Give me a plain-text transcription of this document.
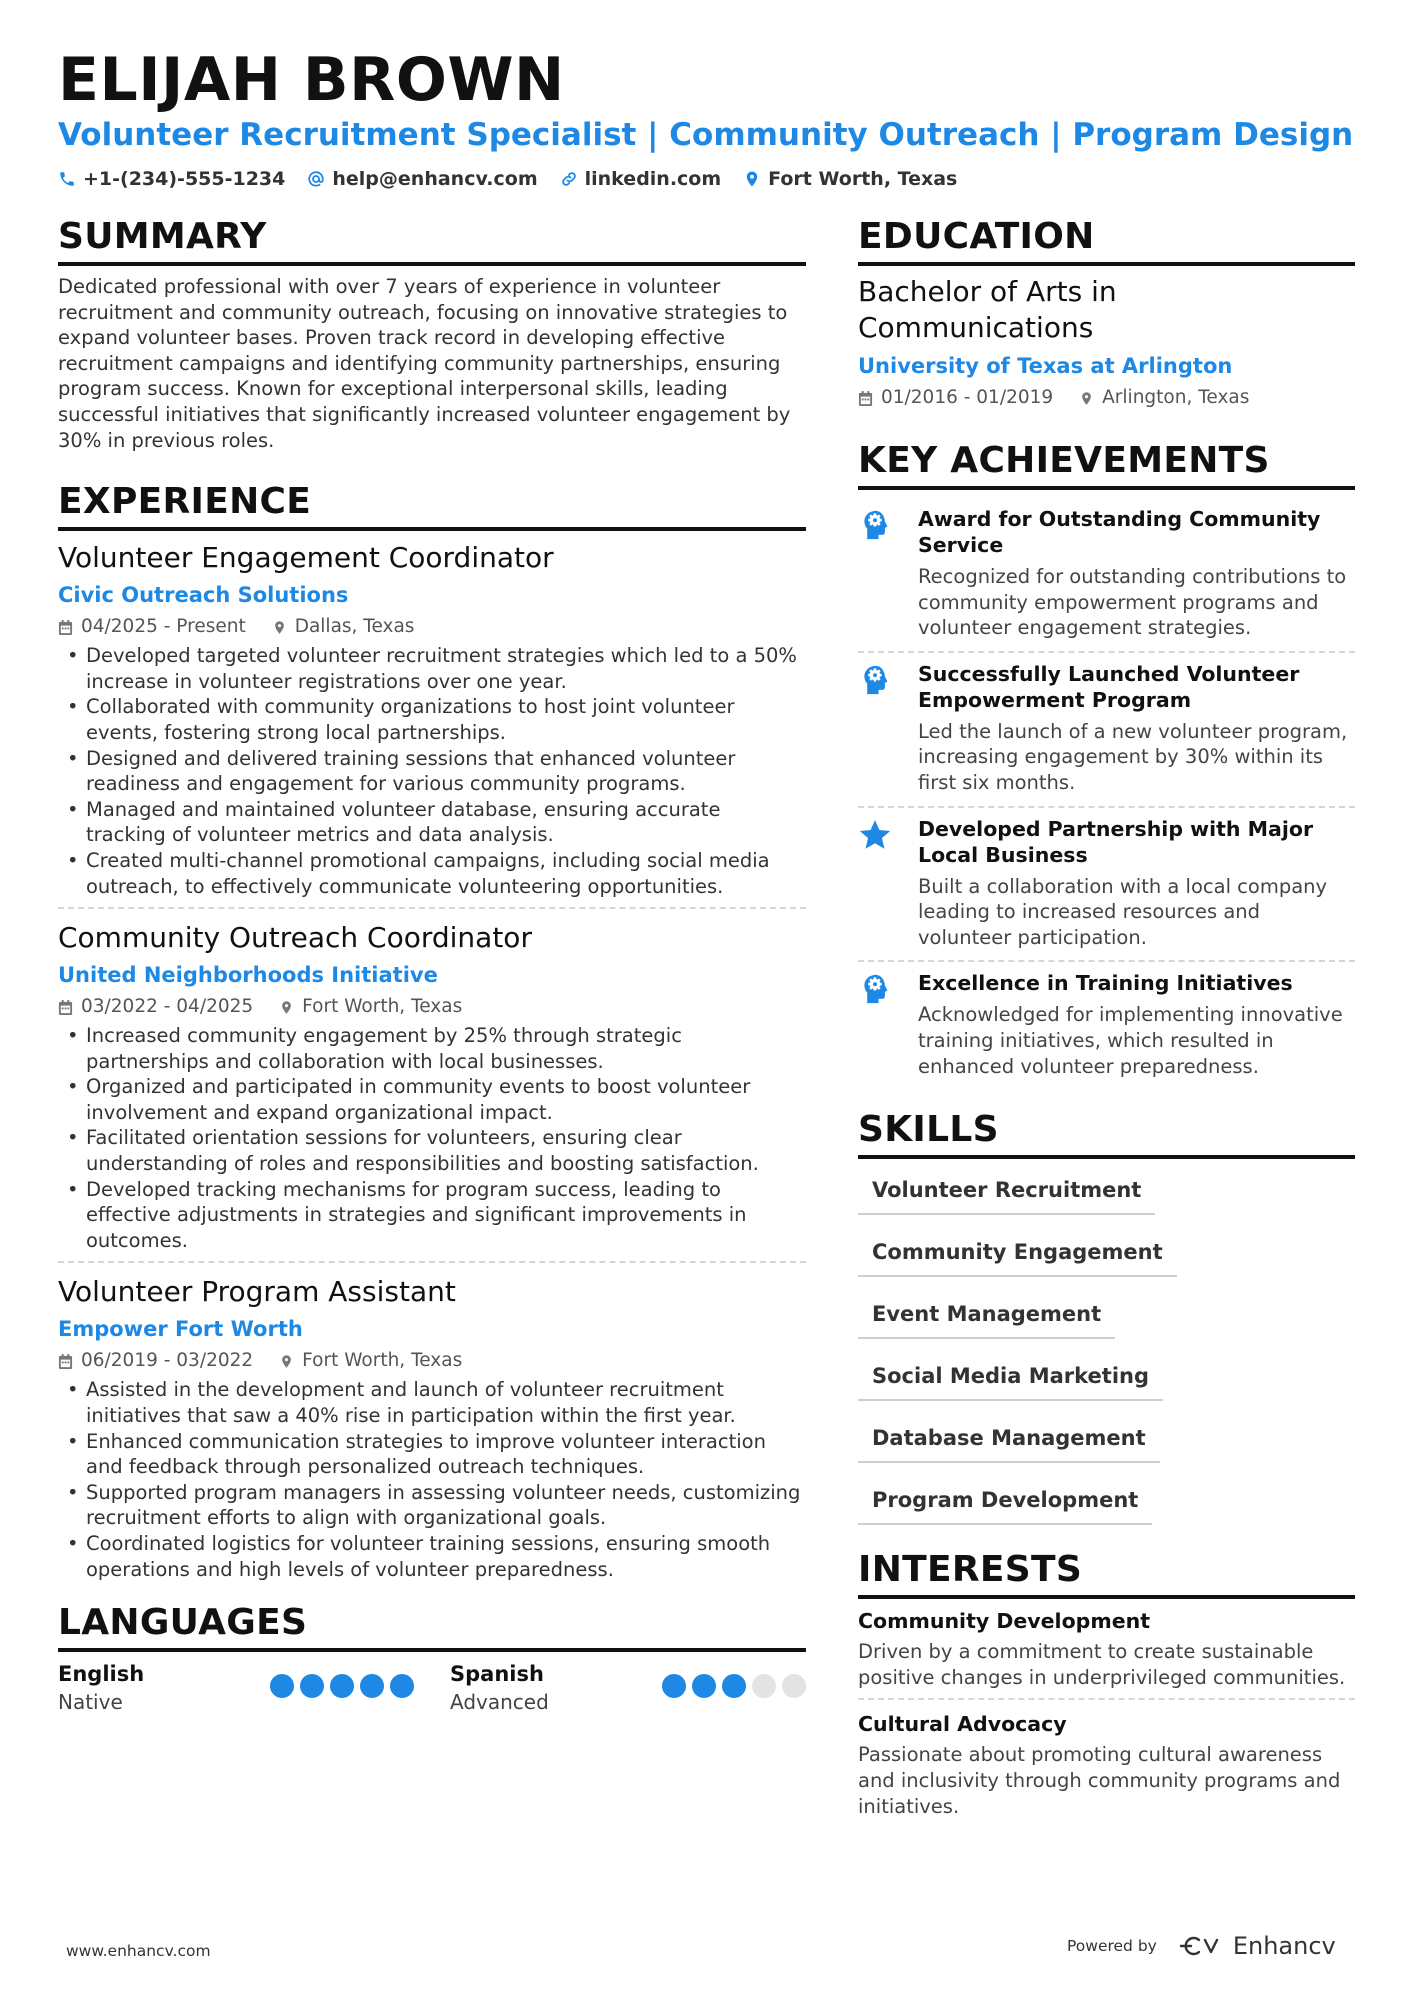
ELIJAH BROWN
Volunteer Recruitment Specialist | Community Outreach | Program Design
+1-(234)-555-1234 help@enhancv.com linkedin.com Fort Worth, Texas
SUMMARY

Dedicated professional with over 7 years of experience in volunteer recruitment and community outreach, focusing on innovative strategies to expand volunteer bases. Proven track record in developing effective recruitment campaigns and identifying community partnerships, ensuring program success. Known for exceptional interpersonal skills, leading successful initiatives that significantly increased volunteer engagement by 30% in previous roles.

EXPERIENCE
Volunteer Engagement Coordinator
Civic Outreach Solutions
04/2025 - Present	Dallas, Texas
• Developed targeted volunteer recruitment strategies which led to a 50% increase in volunteer registrations over one year.
• Collaborated with community organizations to host joint volunteer events, fostering strong local partnerships.
• Designed and delivered training sessions that enhanced volunteer readiness and engagement for various community programs.
• Managed and maintained volunteer database, ensuring accurate tracking of volunteer metrics and data analysis.
• Created multi-channel promotional campaigns, including social media outreach, to effectively communicate volunteering opportunities.
Community Outreach Coordinator
United Neighborhoods Initiative
03/2022 - 04/2025	Fort Worth, Texas
• Increased community engagement by 25% through strategic partnerships and collaboration with local businesses.
• Organized and participated in community events to boost volunteer involvement and expand organizational impact.
• Facilitated orientation sessions for volunteers, ensuring clear understanding of roles and responsibilities and boosting satisfaction.
• Developed tracking mechanisms for program success, leading to effective adjustments in strategies and significant improvements in outcomes.
Volunteer Program Assistant
Empower Fort Worth
06/2019 - 03/2022	Fort Worth, Texas
• Assisted in the development and launch of volunteer recruitment initiatives that saw a 40% rise in participation within the first year.
• Enhanced communication strategies to improve volunteer interaction and feedback through personalized outreach techniques.
• Supported program managers in assessing volunteer needs, customizing recruitment efforts to align with organizational goals.
• Coordinated logistics for volunteer training sessions, ensuring smooth operations and high levels of volunteer preparedness.
LANGUAGES
English
Native
Spanish
Advanced
EDUCATION
Bachelor of Arts in Communications
University of Texas at Arlington
01/2016 - 01/2019	Arlington, Texas
KEY ACHIEVEMENTS
Award for Outstanding Community Service
Recognized for outstanding contributions to community empowerment programs and volunteer engagement strategies.
Successfully Launched Volunteer Empowerment Program
Led the launch of a new volunteer program, increasing engagement by 30% within its first six months.
Developed Partnership with Major Local Business
Built a collaboration with a local company leading to increased resources and volunteer participation.
Excellence in Training Initiatives
Acknowledged for implementing innovative training initiatives, which resulted in enhanced volunteer preparedness.
SKILLS
Volunteer Recruitment
Community Engagement
Event Management
Social Media Marketing
Database Management
Program Development
INTERESTS
Community Development
Driven by a commitment to create sustainable positive changes in underprivileged communities.
Cultural Advocacy
Passionate about promoting cultural awareness and inclusivity through community programs and initiatives.
www.enhancv.com	Powered by	Enhancv
